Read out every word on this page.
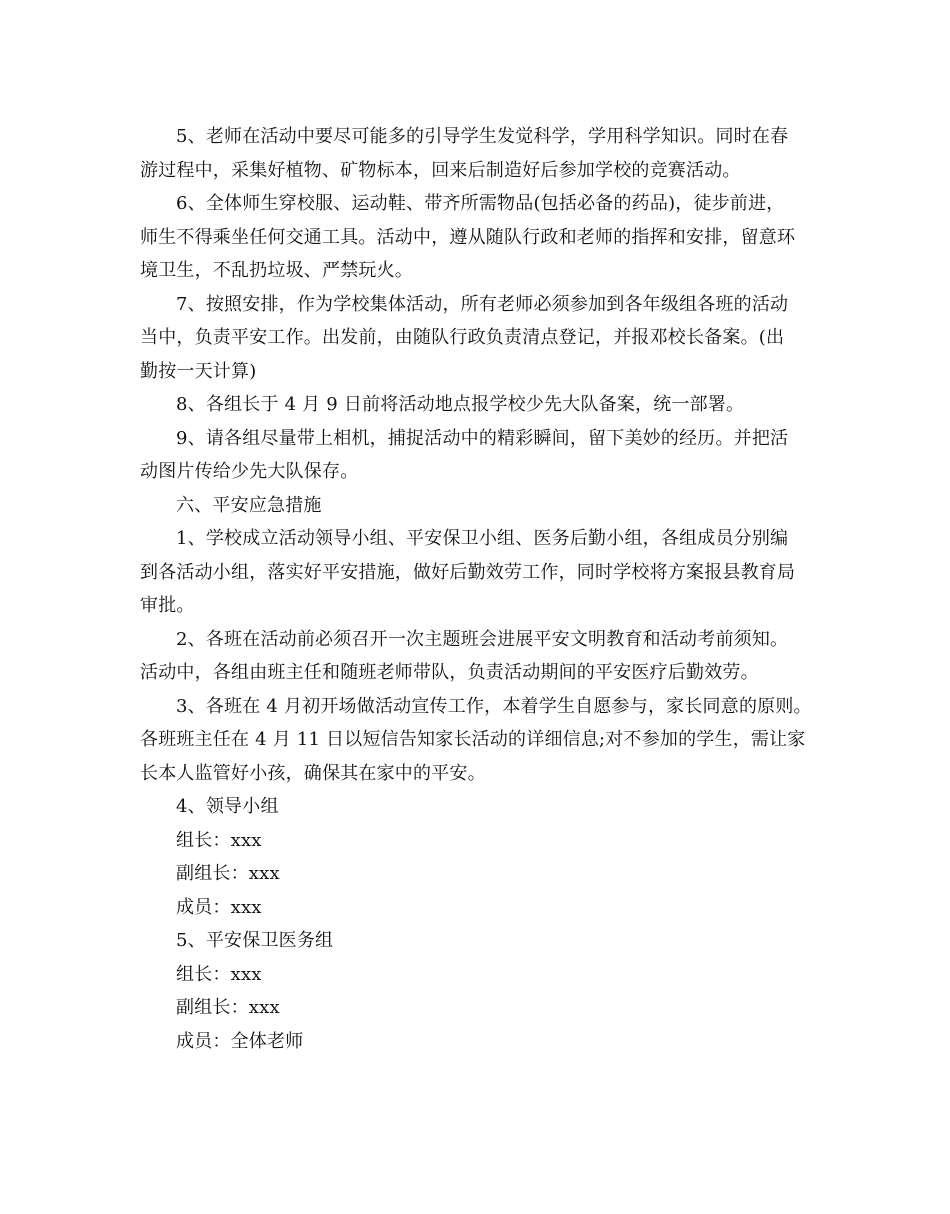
5、老师在活动中要尽可能多的引导学生发觉科学，学用科学知识。同时在春
游过程中，采集好植物、矿物标本，回来后制造好后参加学校的竞赛活动。

6、全体师生穿校服、运动鞋、带齐所需物品(包括必备的药品)，徒步前进，
师生不得乘坐任何交通工具。活动中，遵从随队行政和老师的指挥和安排，留意环
境卫生，不乱扔垃圾、严禁玩火。

7、按照安排，作为学校集体活动，所有老师必须参加到各年级组各班的活动
当中，负责平安工作。出发前，由随队行政负责清点登记，并报邓校长备案。(出
勤按一天计算)

8、各组长于 4 月 9 日前将活动地点报学校少先大队备案，统一部署。

9、请各组尽量带上相机，捕捉活动中的精彩瞬间，留下美妙的经历。并把活
动图片传给少先大队保存。

六、平安应急措施

1、学校成立活动领导小组、平安保卫小组、医务后勤小组，各组成员分别编
到各活动小组，落实好平安措施，做好后勤效劳工作，同时学校将方案报县教育局
审批。

2、各班在活动前必须召开一次主题班会进展平安文明教育和活动考前须知。
活动中，各组由班主任和随班老师带队，负责活动期间的平安医疗后勤效劳。

3、各班在 4 月初开场做活动宣传工作，本着学生自愿参与，家长同意的原则。
各班班主任在 4 月 11 日以短信告知家长活动的详细信息;对不参加的学生，需让家
长本人监管好小孩，确保其在家中的平安。

4、领导小组

组长：xxx

副组长：xxx

成员：xxx

5、平安保卫医务组

组长：xxx

副组长：xxx

成员：全体老师
